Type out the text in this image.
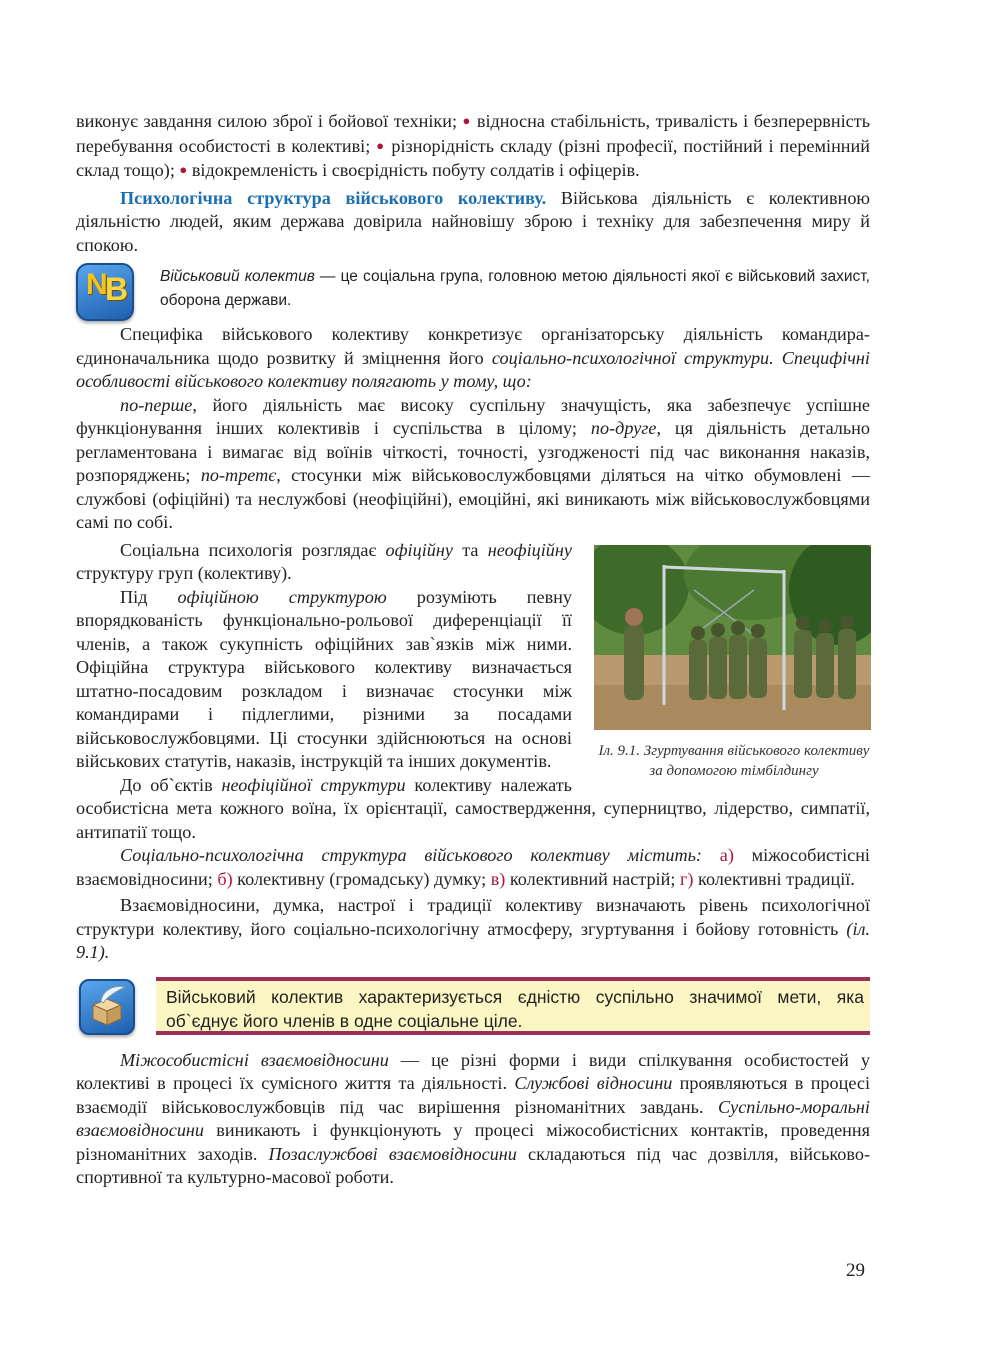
виконує завдання силою зброї і бойової техніки; ● відносна стабільність, тривалість і безперервність перебування особистості в колективі; ● різнорідність складу (різні професії, постійний і перемінний склад тощо); ● відокремленість і своєрідність побуту солдатів і офіцерів.

Психологічна структура військового колективу. Військова діяльність є колективною діяльністю людей, яким держава довірила найновішу зброю і техніку для забезпечення миру й спокою.

N
B Військовий колектив — це соціальна група, головною метою діяльності якої є військовий захист, оборона держави.

Специфіка військового колективу конкретизує організаторську діяльність командира-єдиноначальника щодо розвитку й зміцнення його соціально-психологічної структури. Специфічні особливості військового колективу полягають у тому, що:

по-перше, його діяльність має високу суспільну значущість, яка забезпечує успішне функціонування інших колективів і суспільства в цілому; по-друге, ця діяльність детально регламентована і вимагає від воїнів чіткості, точності, узгодженості під час виконання наказів, розпоряджень; по-третє, стосунки між військовослужбовцями діляться на чітко обумовлені — службові (офіційні) та неслужбові (неофіційні), емоційні, які виникають між військовослужбовцями самі по собі.

Іл. 9.1. Згуртування військового колективу за допомогою тімбілдингу

Соціальна психологія розглядає офіційну та неофіційну структуру груп (колективу).

Під офіційною структурою розуміють певну впорядкованість функціонально-рольової диференціації її членів, а також сукупність офіційних зав`язків між ними. Офіційна структура військового колективу визначається штатно-посадовим розкладом і визначає стосунки між командирами і підлеглими, різними за посадами військовослужбовцями. Ці стосунки здійснюються на основі військових статутів, наказів, інструкцій та інших документів.

До об`єктів неофіційної структури колективу належать особистісна мета кожного воїна, їх орієнтації, самоствердження, суперництво, лідерство, симпатії, антипатії тощо.

Соціально-психологічна структура військового колективу містить: а) міжособистісні взаємовідносини; б) колективну (громадську) думку; в) колективний настрій; г) колективні традиції.

Взаємовідносини, думка, настрої і традиції колективу визначають рівень психологічної структури колективу, його соціально-психологічну атмосферу, згуртування і бойову готовність (іл. 9.1).

Військовий колектив характеризується єдністю суспільно значимої мети, яка об`єднує його членів в одне соціальне ціле.

Міжособистісні взаємовідносини — це різні форми і види спілкування особистостей у колективі в процесі їх сумісного життя та діяльності. Службові відносини проявляються в процесі взаємодії військовослужбовців під час вирішення різноманітних завдань. Суспільно-моральні взаємовідносини виникають і функціонують у процесі міжособистісних контактів, проведення різноманітних заходів. Позаслужбові взаємовідносини складаються під час дозвілля, військово-спортивної та культурно-масової роботи.

29
